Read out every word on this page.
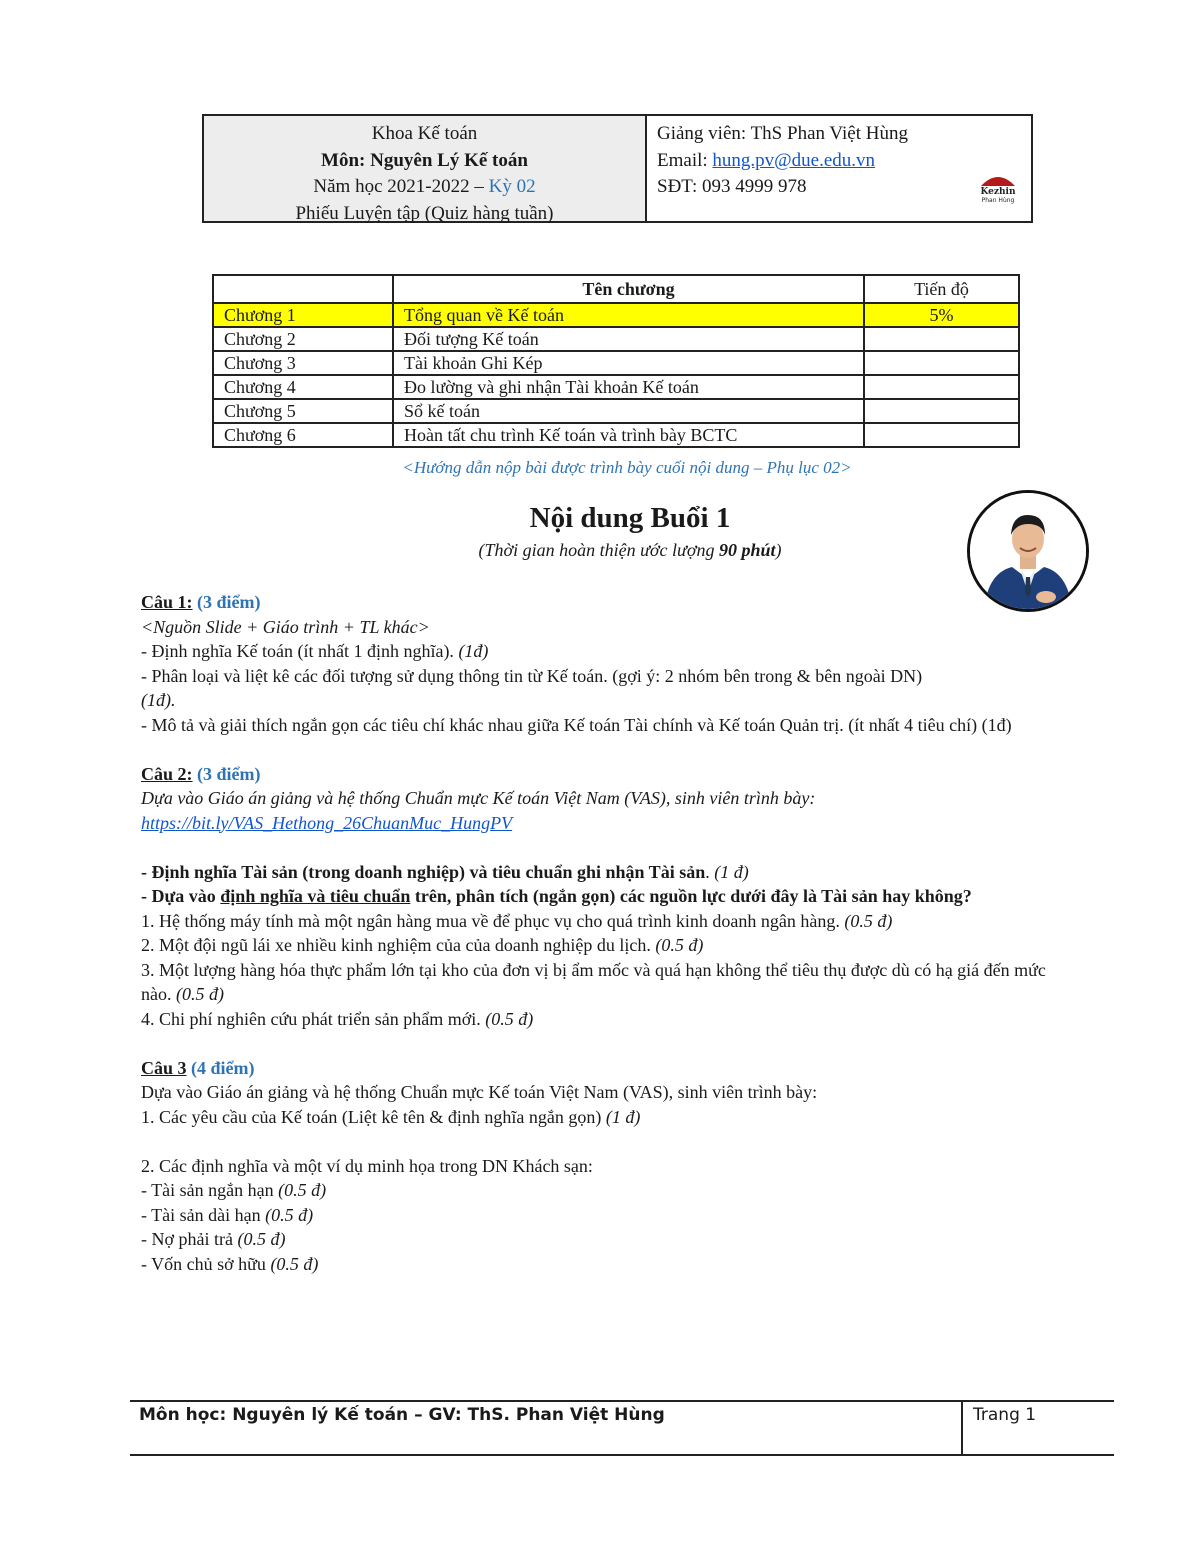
Khoa Kế toán
Môn: Nguyên Lý Kế toán
Năm học 2021-2022 – Kỳ 02
Phiếu Luyện tập (Quiz hàng tuần)
Giảng viên: ThS Phan Việt Hùng
Email: hung.pv@due.edu.vn
SĐT: 093 4999 978	Kezhin
Phan Hùng
	Tên chương	Tiến độ
Chương 1	Tổng quan về Kế toán	5%
Chương 2	Đối tượng Kế toán	
Chương 3	Tài khoản Ghi Kép	
Chương 4	Đo lường và ghi nhận Tài khoản Kế toán	
Chương 5	Sổ kế toán	
Chương 6	Hoàn tất chu trình Kế toán và trình bày BCTC	
<Hướng dẫn nộp bài được trình bày cuối nội dung – Phụ lục 02>
Nội dung Buổi 1
(Thời gian hoàn thiện ước lượng 90 phút)

Câu 1: (3 điểm)

<Nguồn Slide + Giáo trình + TL khác>

- Định nghĩa Kế toán (ít nhất 1 định nghĩa). (1đ)

- Phân loại và liệt kê các đối tượng sử dụng thông tin từ Kế toán. (gợi ý: 2 nhóm bên trong & bên ngoài DN)
(1đ).

- Mô tả và giải thích ngắn gọn các tiêu chí khác nhau giữa Kế toán Tài chính và Kế toán Quản trị. (ít nhất 4 tiêu chí) (1đ)

Câu 2: (3 điểm)

Dựa vào Giáo án giảng và hệ thống Chuẩn mực Kế toán Việt Nam (VAS), sinh viên trình bày:

https://bit.ly/VAS_Hethong_26ChuanMuc_HungPV

- Định nghĩa Tài sản (trong doanh nghiệp) và tiêu chuẩn ghi nhận Tài sản. (1 đ)

- Dựa vào định nghĩa và tiêu chuẩn trên, phân tích (ngắn gọn) các nguồn lực dưới đây là Tài sản hay không?

1. Hệ thống máy tính mà một ngân hàng mua về để phục vụ cho quá trình kinh doanh ngân hàng. (0.5 đ)

2. Một đội ngũ lái xe nhiều kinh nghiệm của của doanh nghiệp du lịch. (0.5 đ)

3. Một lượng hàng hóa thực phẩm lớn tại kho của đơn vị bị ẩm mốc và quá hạn không thể tiêu thụ được dù có hạ giá đến mức nào. (0.5 đ)

4. Chi phí nghiên cứu phát triển sản phẩm mới. (0.5 đ)

Câu 3 (4 điểm)

Dựa vào Giáo án giảng và hệ thống Chuẩn mực Kế toán Việt Nam (VAS), sinh viên trình bày:

1. Các yêu cầu của Kế toán (Liệt kê tên & định nghĩa ngắn gọn) (1 đ)

2. Các định nghĩa và một ví dụ minh họa trong DN Khách sạn:

- Tài sản ngắn hạn (0.5 đ)

- Tài sản dài hạn (0.5 đ)

- Nợ phải trả (0.5 đ)

- Vốn chủ sở hữu (0.5 đ)

Môn học: Nguyên lý Kế toán – GV: ThS. Phan Việt Hùng	Trang 1
